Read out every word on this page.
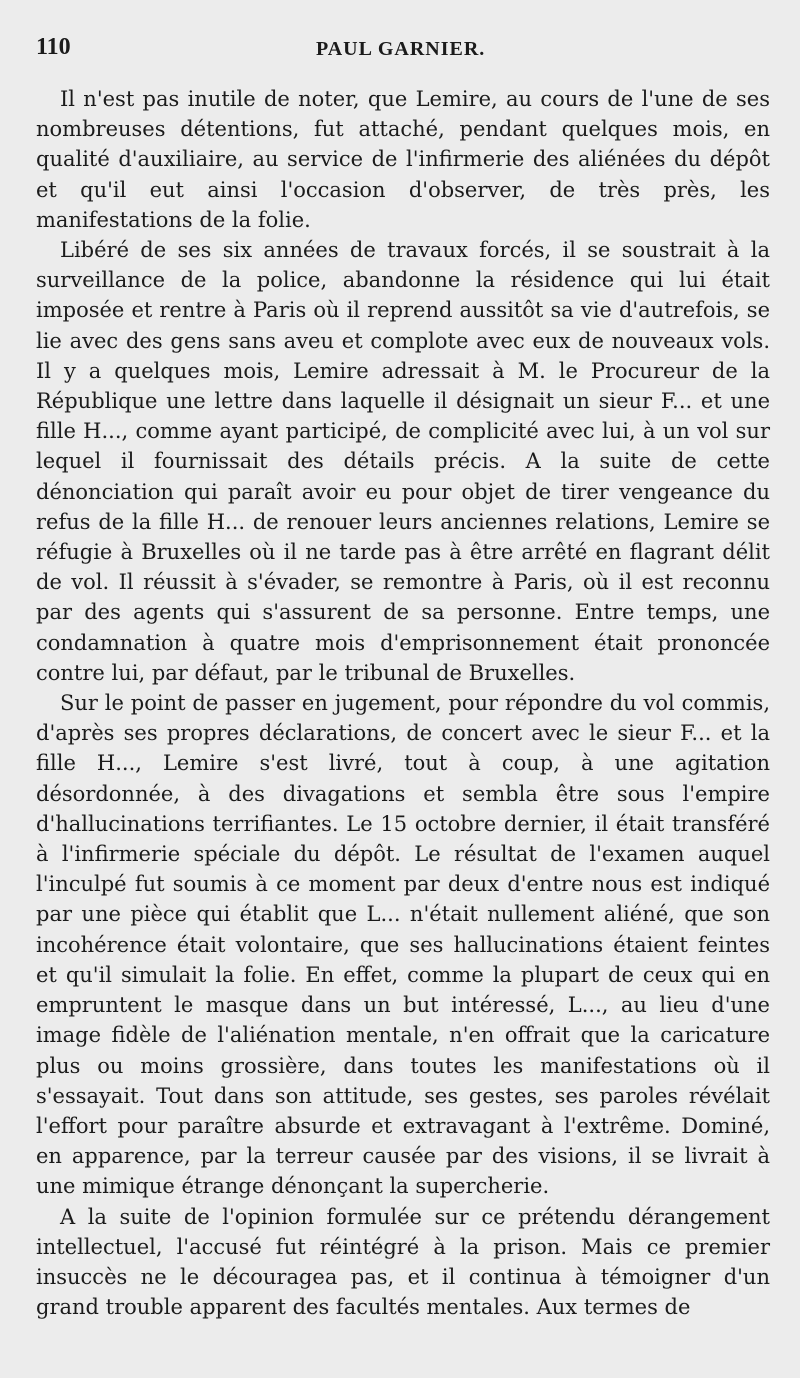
110	PAUL GARNIER.

Il n'est pas inutile de noter, que Lemire, au cours de l'une de ses nombreuses détentions, fut attaché, pendant quelques mois, en qualité d'auxiliaire, au service de l'infirmerie des aliénées du dépôt et qu'il eut ainsi l'occasion d'observer, de très près, les manifestations de la folie.

Libéré de ses six années de travaux forcés, il se soustrait à la surveillance de la police, abandonne la résidence qui lui était imposée et rentre à Paris où il reprend aussitôt sa vie d'autrefois, se lie avec des gens sans aveu et complote avec eux de nouveaux vols. Il y a quelques mois, Lemire adressait à M. le Procureur de la République une lettre dans laquelle il désignait un sieur F... et une fille H..., comme ayant participé, de complicité avec lui, à un vol sur lequel il fournissait des détails précis. A la suite de cette dénonciation qui paraît avoir eu pour objet de tirer vengeance du refus de la fille H... de renouer leurs anciennes relations, Lemire se réfugie à Bruxelles où il ne tarde pas à être arrêté en flagrant délit de vol. Il réussit à s'évader, se remontre à Paris, où il est reconnu par des agents qui s'assurent de sa personne. Entre temps, une condamnation à quatre mois d'emprisonnement était prononcée contre lui, par défaut, par le tribunal de Bruxelles.

Sur le point de passer en jugement, pour répondre du vol commis, d'après ses propres déclarations, de concert avec le sieur F... et la fille H..., Lemire s'est livré, tout à coup, à une agitation désordonnée, à des divagations et sembla être sous l'empire d'hallucinations terrifiantes. Le 15 octobre dernier, il était transféré à l'infirmerie spéciale du dépôt. Le résultat de l'examen auquel l'inculpé fut soumis à ce moment par deux d'entre nous est indiqué par une pièce qui établit que L... n'était nullement aliéné, que son incohérence était volontaire, que ses hallucinations étaient feintes et qu'il simulait la folie. En effet, comme la plupart de ceux qui en empruntent le masque dans un but intéressé, L..., au lieu d'une image fidèle de l'aliénation mentale, n'en offrait que la caricature plus ou moins grossière, dans toutes les manifestations où il s'essayait. Tout dans son attitude, ses gestes, ses paroles révélait l'effort pour paraître absurde et extravagant à l'extrême. Dominé, en apparence, par la terreur causée par des visions, il se livrait à une mimique étrange dénonçant la supercherie.

A la suite de l'opinion formulée sur ce prétendu dérangement intellectuel, l'accusé fut réintégré à la prison. Mais ce premier insuccès ne le découragea pas, et il continua à témoigner d'un grand trouble apparent des facultés mentales. Aux termes de
